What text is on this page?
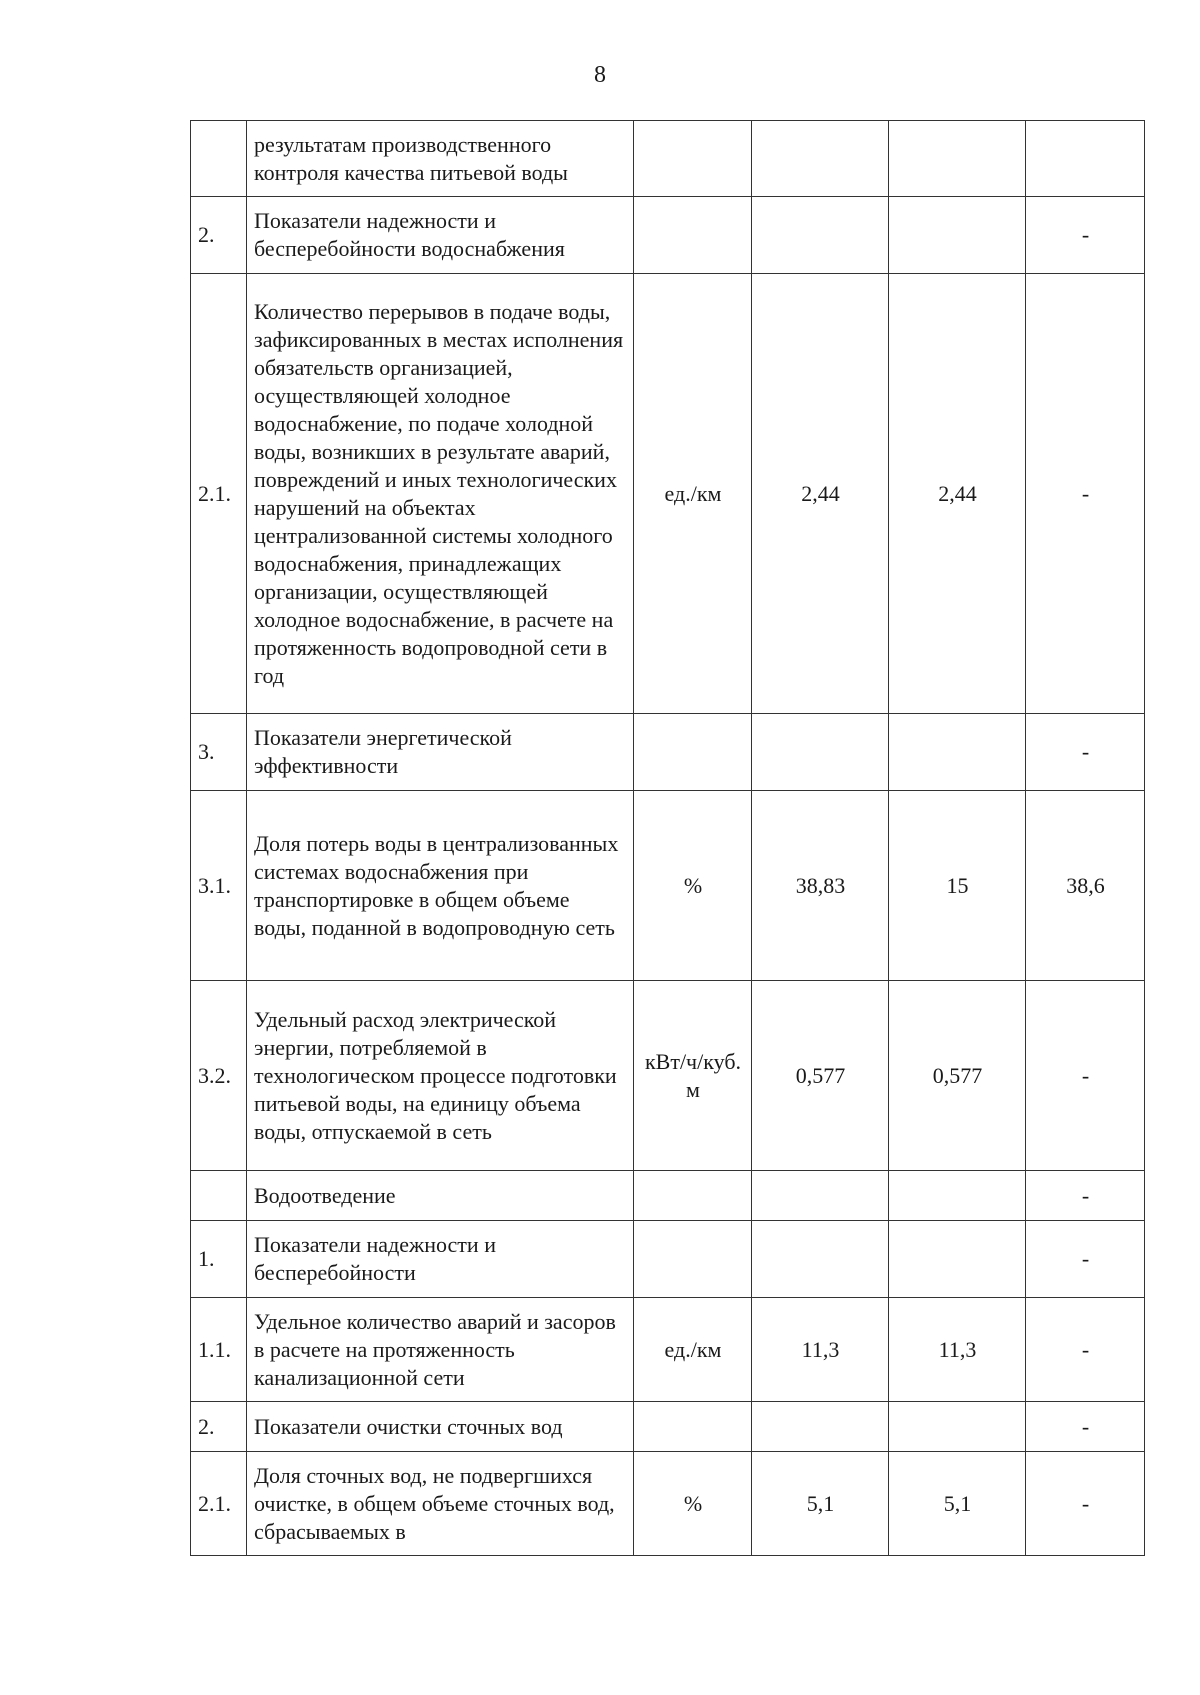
8
	результатам производственного контроля качества питьевой воды				
2.	Показатели надежности и бесперебойности водоснабжения				-
2.1.	Количество перерывов в подаче воды, зафиксированных в местах исполнения обязательств организацией, осуществляющей холодное водоснабжение, по подаче холодной воды, возникших в результате аварий, повреждений и иных технологических нарушений на объектах централизованной системы холодного водоснабжения, принадлежащих организации, осуществляющей холодное водоснабжение, в расчете на протяженность водопроводной сети в год	ед./км	2,44	2,44	-
3.	Показатели энергетической эффективности				-
3.1.	Доля потерь воды в централизованных системах водоснабжения при транспортировке в общем объеме воды, поданной в водопроводную сеть	%	38,83	15	38,6
3.2.	Удельный расход электрической энергии, потребляемой в технологическом процессе подготовки питьевой воды, на единицу объема воды, отпускаемой в сеть	кВт/ч/куб. м	0,577	0,577	-
	Водоотведение				-
1.	Показатели надежности и бесперебойности				-
1.1.	Удельное количество аварий и засоров в расчете на протяженность канализационной сети	ед./км	11,3	11,3	-
2.	Показатели очистки сточных вод				-
2.1.	Доля сточных вод, не подвергшихся очистке, в общем объеме сточных вод, сбрасываемых в	%	5,1	5,1	-
